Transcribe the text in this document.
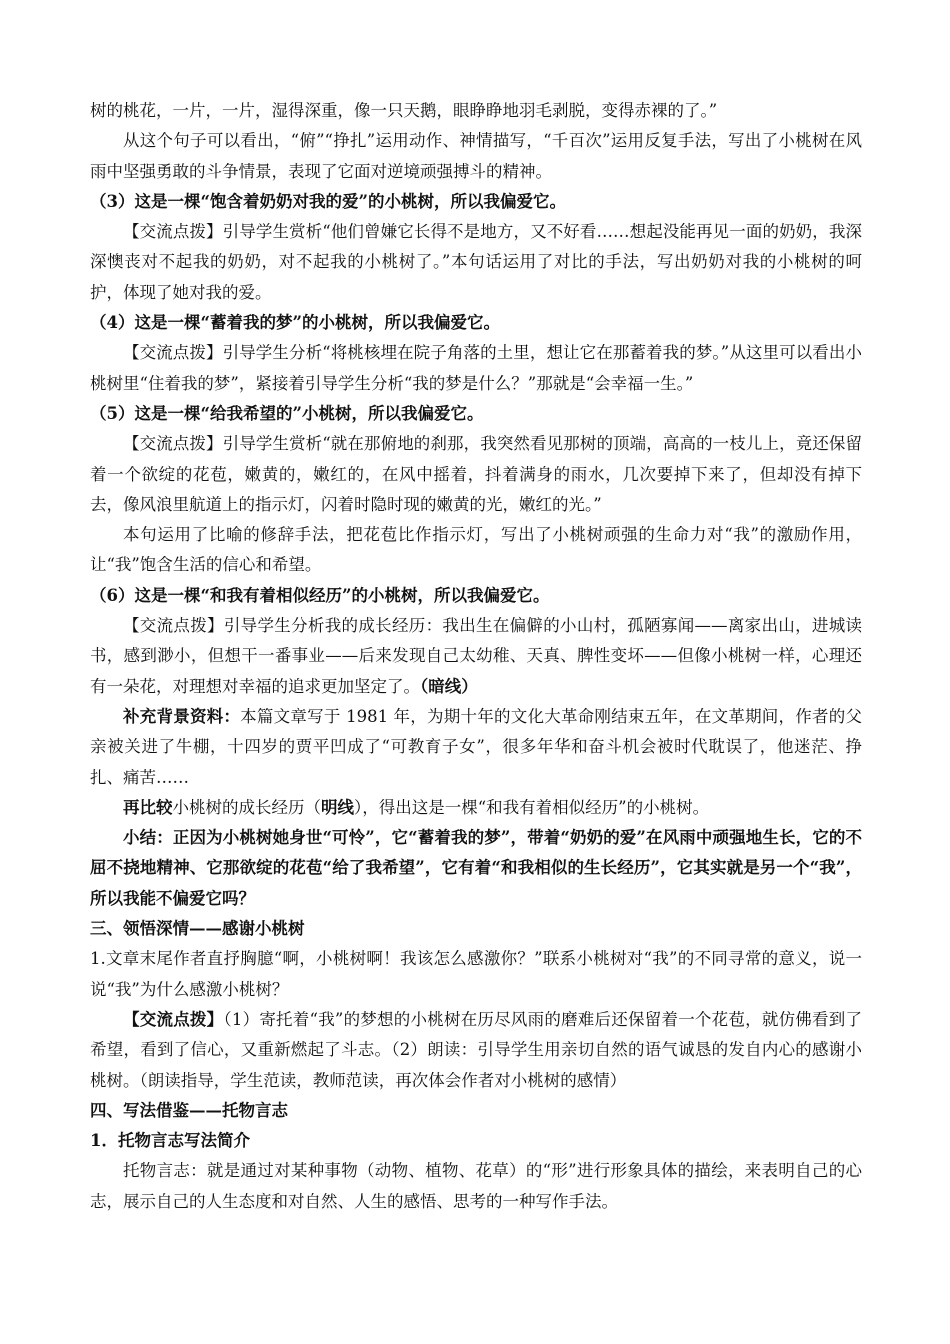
树的桃花，一片，一片，湿得深重，像一只天鹅，眼睁睁地羽毛剥脱，变得赤裸的了。”

从这个句子可以看出，“俯”“挣扎”运用动作、神情描写，“千百次”运用反复手法，写出了小桃树在风雨中坚强勇敢的斗争情景，表现了它面对逆境顽强搏斗的精神。

（3）这是一棵“饱含着奶奶对我的爱”的小桃树，所以我偏爱它。

【交流点拨】引导学生赏析“他们曾嫌它长得不是地方，又不好看……想起没能再见一面的奶奶，我深深懊丧对不起我的奶奶，对不起我的小桃树了。”本句话运用了对比的手法，写出奶奶对我的小桃树的呵护，体现了她对我的爱。

（4）这是一棵“蓄着我的梦”的小桃树，所以我偏爱它。

【交流点拨】引导学生分析“将桃核埋在院子角落的土里，想让它在那蓄着我的梦。”从这里可以看出小桃树里“住着我的梦”，紧接着引导学生分析“我的梦是什么？”那就是“会幸福一生。”

（5）这是一棵“给我希望的”小桃树，所以我偏爱它。

【交流点拨】引导学生赏析“就在那俯地的刹那，我突然看见那树的顶端，高高的一枝儿上，竟还保留着一个欲绽的花苞，嫩黄的，嫩红的，在风中摇着，抖着满身的雨水，几次要掉下来了，但却没有掉下去，像风浪里航道上的指示灯，闪着时隐时现的嫩黄的光，嫩红的光。”

本句运用了比喻的修辞手法，把花苞比作指示灯，写出了小桃树顽强的生命力对“我”的激励作用，让“我”饱含生活的信心和希望。

（6）这是一棵“和我有着相似经历”的小桃树，所以我偏爱它。

【交流点拨】引导学生分析我的成长经历：我出生在偏僻的小山村，孤陋寡闻——离家出山，进城读书，感到渺小，但想干一番事业——后来发现自己太幼稚、天真、脾性变坏——但像小桃树一样，心理还有一朵花，对理想对幸福的追求更加坚定了。（暗线）

补充背景资料：本篇文章写于 1981 年，为期十年的文化大革命刚结束五年，在文革期间，作者的父亲被关进了牛棚，十四岁的贾平凹成了“可教育子女”，很多年华和奋斗机会被时代耽误了，他迷茫、挣扎、痛苦……

再比较小桃树的成长经历（明线），得出这是一棵“和我有着相似经历”的小桃树。

小结：正因为小桃树她身世“可怜”，它“蓄着我的梦”，带着“奶奶的爱”在风雨中顽强地生长，它的不屈不挠地精神、它那欲绽的花苞“给了我希望”，它有着“和我相似的生长经历”，它其实就是另一个“我”，所以我能不偏爱它吗？

三、领悟深情——感谢小桃树

1.文章末尾作者直抒胸臆“啊，小桃树啊！我该怎么感激你？”联系小桃树对“我”的不同寻常的意义，说一说“我”为什么感激小桃树？

【交流点拨】（1）寄托着“我”的梦想的小桃树在历尽风雨的磨难后还保留着一个花苞，就仿佛看到了希望，看到了信心，又重新燃起了斗志。（2）朗读：引导学生用亲切自然的语气诚恳的发自内心的感谢小桃树。（朗读指导，学生范读，教师范读，再次体会作者对小桃树的感情）

四、写法借鉴——托物言志

1．托物言志写法简介

托物言志：就是通过对某种事物（动物、植物、花草）的“形”进行形象具体的描绘，来表明自己的心志，展示自己的人生态度和对自然、人生的感悟、思考的一种写作手法。
